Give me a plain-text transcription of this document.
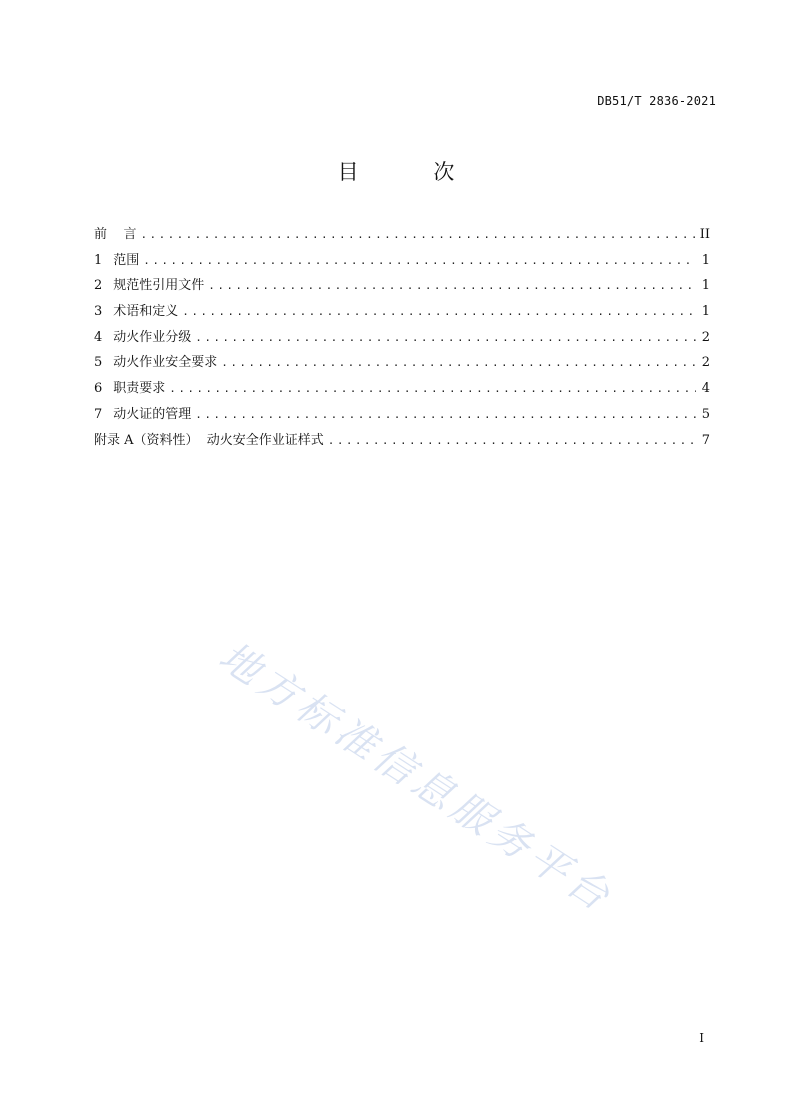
DB51/T 2836-2021
目 次
前    言 .....	II
1 范围 .....	1
2 规范性引用文件 .....	1
3 术语和定义 .....	1
4 动火作业分级 .....	2
5 动火作业安全要求 .....	2
6 职责要求 .....	4
7 动火证的管理 .....	5
附录 A（资料性）  动火安全作业证样式 .....	7
地方标准信息服务平台
I
